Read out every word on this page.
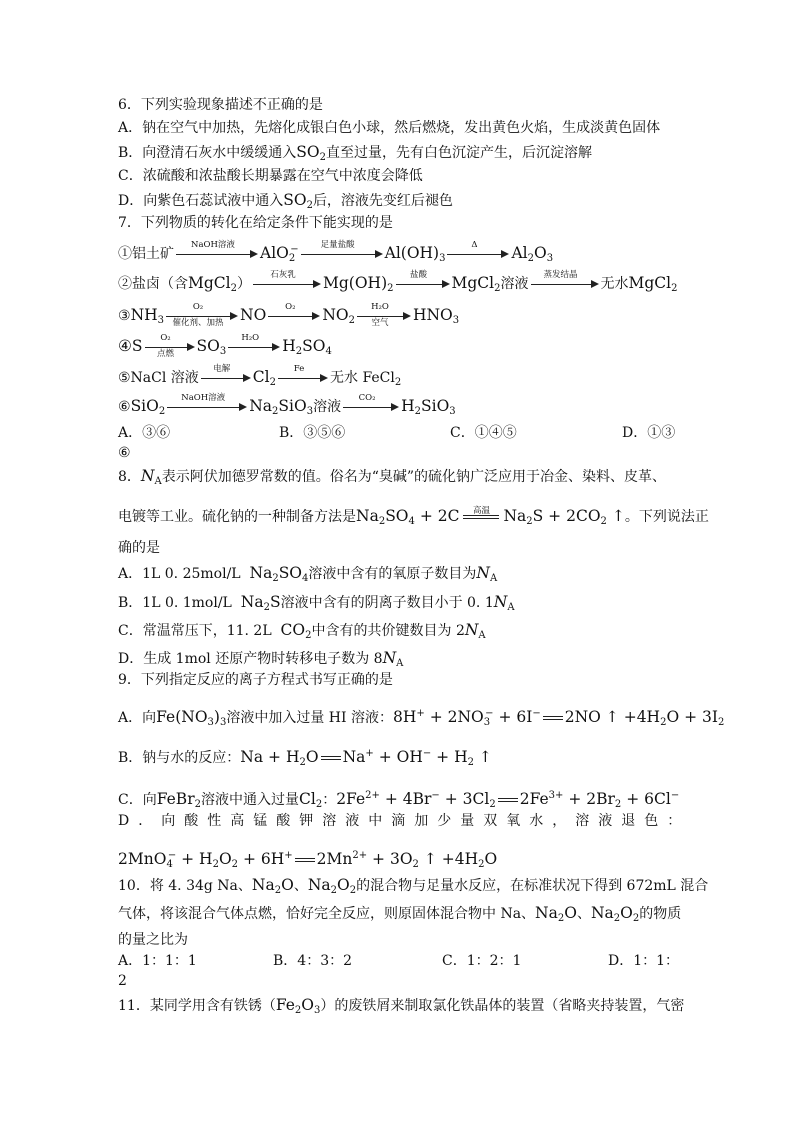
6．下列实验现象描述不正确的是
A．钠在空气中加热，先熔化成银白色小球，然后燃烧，发出黄色火焰，生成淡黄色固体
B．向澄清石灰水中缓缓通入$SO_2$直至过量，先有白色沉淀产生，后沉淀溶解
C．浓硫酸和浓盐酸长期暴露在空气中浓度会降低
D．向紫色石蕊试液中通入$SO_2$后，溶液先变红后褪色
7．下列物质的转化在给定条件下能实现的是
①铝土矿
NaOH溶液	AlO$_2$−	足量盐酸	$Al(OH)_3$
Δ	$Al_2O_3$
②盐卤（含MgCl$_2$）
石灰乳	$Mg(OH)_2$
盐酸	MgCl$_2$溶液
蒸发结晶
无水MgCl$_2$
$③NH_3$
O₂
催化剂、加热	NO	O₂	$NO_2$
H₂O
空气	$HNO_3$
④S	O₂
点燃	$SO_3$
H₂O	$H_2SO_4$
⑤NaCl 溶液
电解	$Cl_2$
Fe
无水 FeCl$_2$
⑥SiO$_2$
NaOH溶液	$Na_2SiO_3$溶液
CO₂	$H_2SiO_3$
A．③⑥	B．③⑤⑥	C．①④⑤	D．①③
⑥
8．$N_A$表示阿伏加德罗常数的值。俗名为“臭碱”的硫化钠广泛应用于冶金、染料、皮革、
电镀等工业。硫化钠的一种制备方法是$Na_2SO_4 + 2C$	高温 $Na_2S + 2CO_2$ ↑。下列说法正
确的是
A．1L 0. 25mol/L $Na_2SO_4$溶液中含有的氧原子数目为$N_A$
B．1L 0. 1mol/L $Na_2S$溶液中含有的阴离子数目小于 0. $1N_A$
C．常温常压下，11. 2L $CO_2$中含有的共价键数目为 $2N_A$
D．生成 1mol 还原产物时转移电子数为 $8N_A$
9．下列指定反应的离子方程式书写正确的是
A．向$Fe(NO_3)_3$溶液中加入过量 HI 溶液：$8H^+ + 2NO_3^- + 6I^-$ 2NO ↑ $+4H_2O + 3I_2$
B．钠与水的反应：$Na + H_2O$ $Na^+ + OH^- + H_2$ ↑
C．向FeBr$_2$溶液中通入过量$Cl_2$：$2Fe^{2+} + 4Br^- + 3Cl_2$ $2Fe^{3+} + 2Br_2 + 6Cl^-$
D．向酸性高锰酸钾溶液中滴加少量双氧水，溶液退色：
$2MnO_4^- + H_2O_2 + 6H^+$ $2Mn^{2+} + 3O_2$ ↑ $+4H_2O$
10．将 4. 34g Na、$Na_2O$、$Na_2O_2$的混合物与足量水反应，在标准状况下得到 672mL 混合
气体，将该混合气体点燃，恰好完全反应，则原固体混合物中 Na、$Na_2O$、$Na_2O_2$的物质
的量之比为
A．1：1：1	B．4：3：2	C．1：2：1	D．1：1：
2
11．某同学用含有铁锈$(Fe_2O_3)$的废铁屑来制取氯化铁晶体的装置（省略夹持装置，气密
